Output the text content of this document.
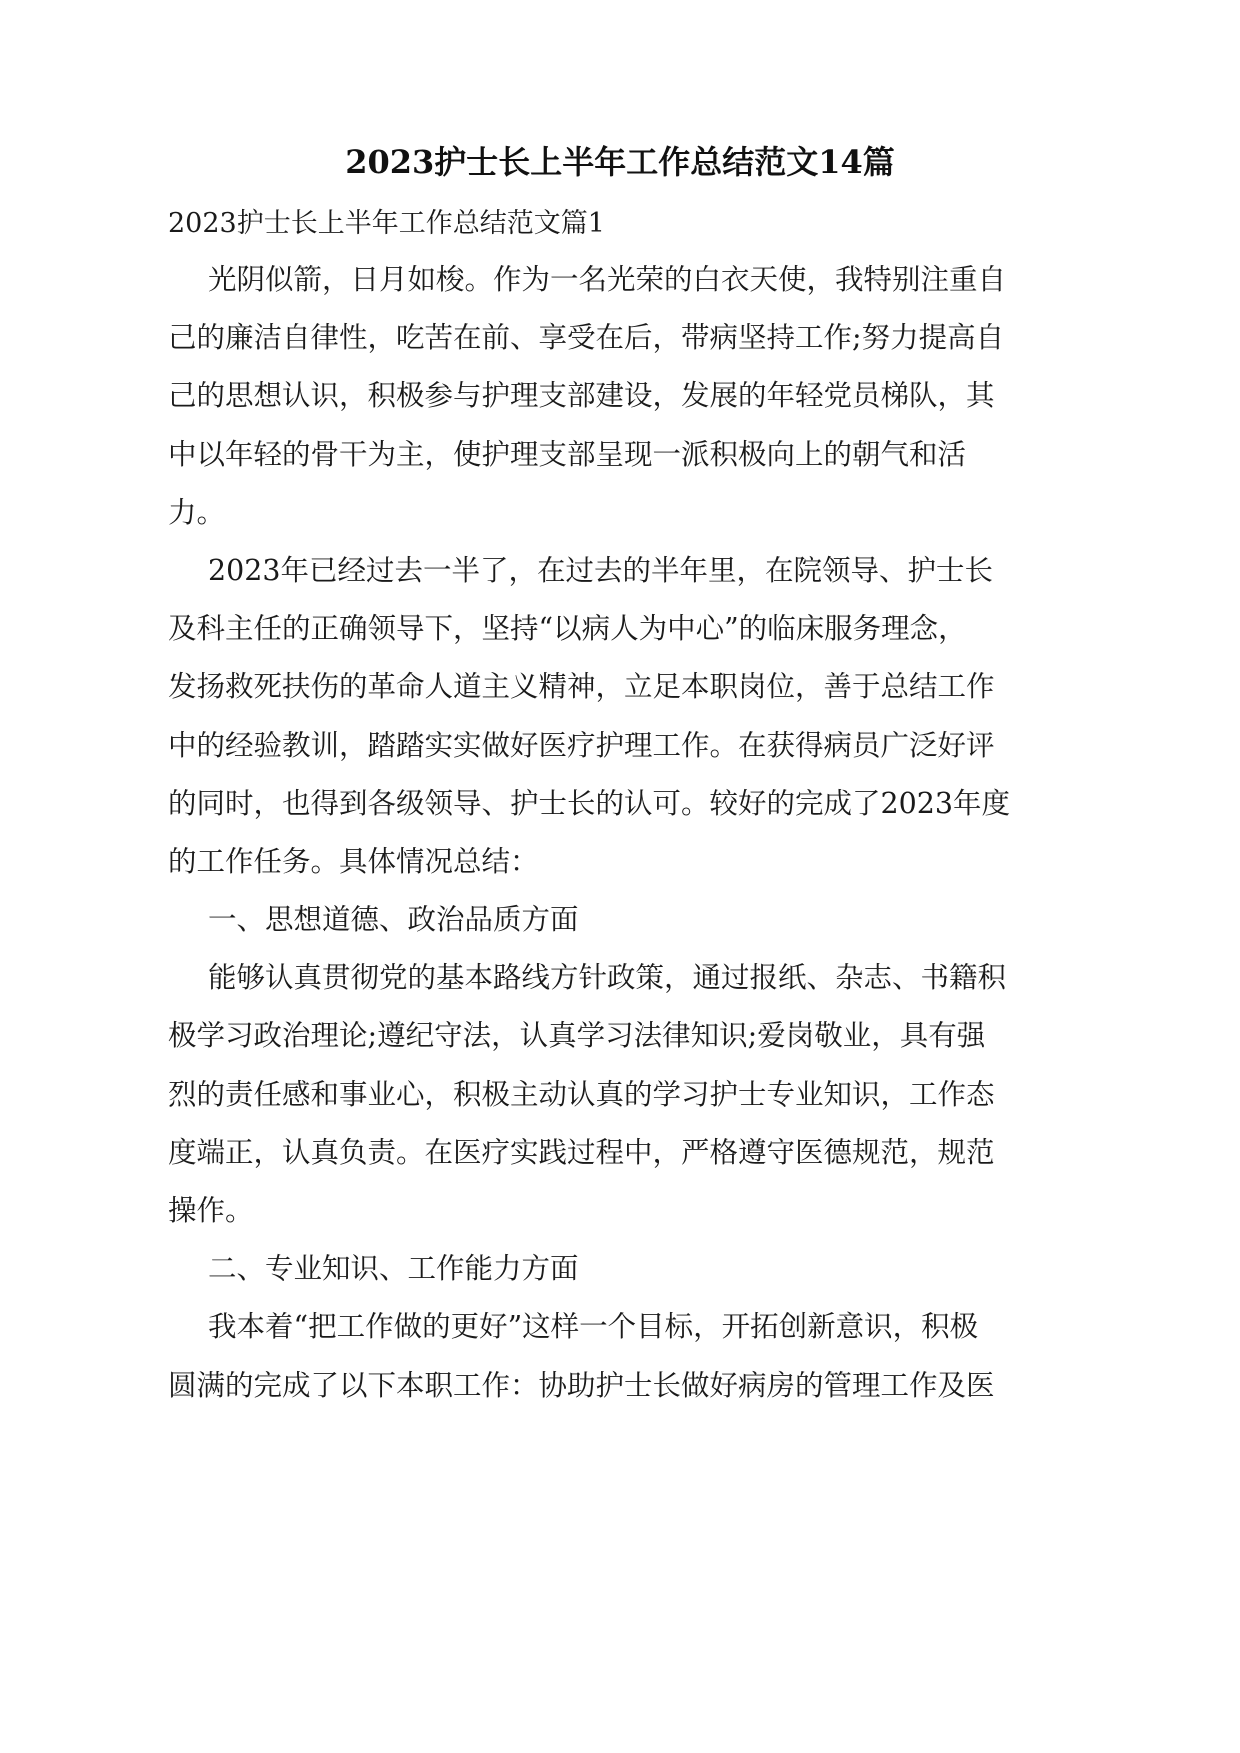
2023护士长上半年工作总结范文14篇
2023护士长上半年工作总结范文篇1
光阴似箭，日月如梭。作为一名光荣的白衣天使，我特别注重自
己的廉洁自律性，吃苦在前、享受在后，带病坚持工作;努力提高自
己的思想认识，积极参与护理支部建设，发展的年轻党员梯队，其
中以年轻的骨干为主，使护理支部呈现一派积极向上的朝气和活
力。
2023年已经过去一半了，在过去的半年里，在院领导、护士长
及科主任的正确领导下，坚持“以病人为中心”的临床服务理念，
发扬救死扶伤的革命人道主义精神，立足本职岗位，善于总结工作
中的经验教训，踏踏实实做好医疗护理工作。在获得病员广泛好评
的同时，也得到各级领导、护士长的认可。较好的完成了2023年度
的工作任务。具体情况总结：
一、思想道德、政治品质方面
能够认真贯彻党的基本路线方针政策，通过报纸、杂志、书籍积
极学习政治理论;遵纪守法，认真学习法律知识;爱岗敬业，具有强
烈的责任感和事业心，积极主动认真的学习护士专业知识，工作态
度端正，认真负责。在医疗实践过程中，严格遵守医德规范，规范
操作。
二、专业知识、工作能力方面
我本着“把工作做的更好”这样一个目标，开拓创新意识，积极
圆满的完成了以下本职工作：协助护士长做好病房的管理工作及医
